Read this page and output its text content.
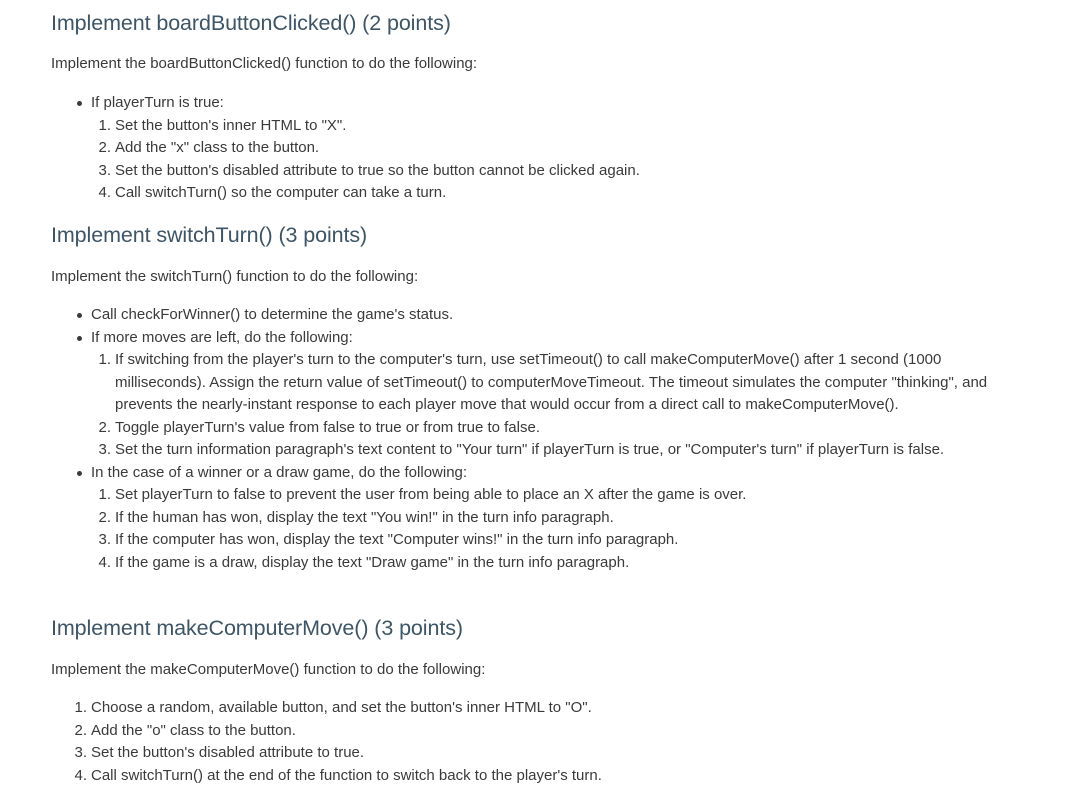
Implement boardButtonClicked() (2 points)

Implement the boardButtonClicked() function to do the following:

If playerTurn is true:
1. Set the button's inner HTML to "X".
2. Add the "x" class to the button.
3. Set the button's disabled attribute to true so the button cannot be clicked again.
4. Call switchTurn() so the computer can take a turn.
Implement switchTurn() (3 points)

Implement the switchTurn() function to do the following:

Call checkForWinner() to determine the game's status.
If more moves are left, do the following:
1. If switching from the player's turn to the computer's turn, use setTimeout() to call makeComputerMove() after 1 second (1000 milliseconds). Assign the return value of setTimeout() to computerMoveTimeout. The timeout simulates the computer "thinking", and prevents the nearly-instant response to each player move that would occur from a direct call to makeComputerMove().
2. Toggle playerTurn's value from false to true or from true to false.
3. Set the turn information paragraph's text content to "Your turn" if playerTurn is true, or "Computer's turn" if playerTurn is false.
In the case of a winner or a draw game, do the following:
1. Set playerTurn to false to prevent the user from being able to place an X after the game is over.
2. If the human has won, display the text "You win!" in the turn info paragraph.
3. If the computer has won, display the text "Computer wins!" in the turn info paragraph.
4. If the game is a draw, display the text "Draw game" in the turn info paragraph.
Implement makeComputerMove() (3 points)

Implement the makeComputerMove() function to do the following:

1. Choose a random, available button, and set the button's inner HTML to "O".
2. Add the "o" class to the button.
3. Set the button's disabled attribute to true.
4. Call switchTurn() at the end of the function to switch back to the player's turn.
